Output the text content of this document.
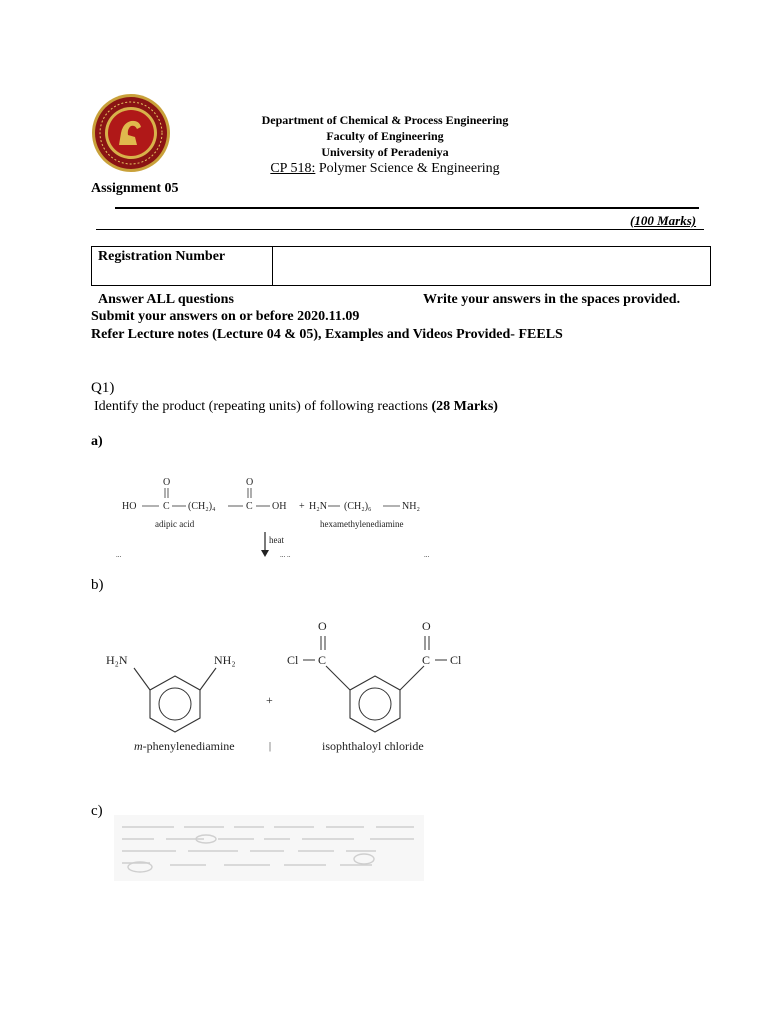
Department of Chemical & Process Engineering
Faculty of Engineering
University of Peradeniya
CP 518: Polymer Science & Engineering
Assignment 05
(100 Marks)
Registration Number	
Answer ALL questions	Write your answers in the spaces provided.
Submit your answers on or before 2020.11.09
Refer Lecture notes (Lecture 04 & 05), Examples and Videos Provided- FEELS
Q1)
Identify the product (repeating units) of following reactions (28 Marks)
a)
O	O
HO	C (CH₂)₄	C OH + H₂N (CH₂)₆	NH₂
adipic acid	hexamethylenediamine
heat
...	... ..	...
b)
H₂N	NH₂
m-phenylenediamine
+
|
Cl C
O
C
O
Cl
isophthaloyl chloride
c)
